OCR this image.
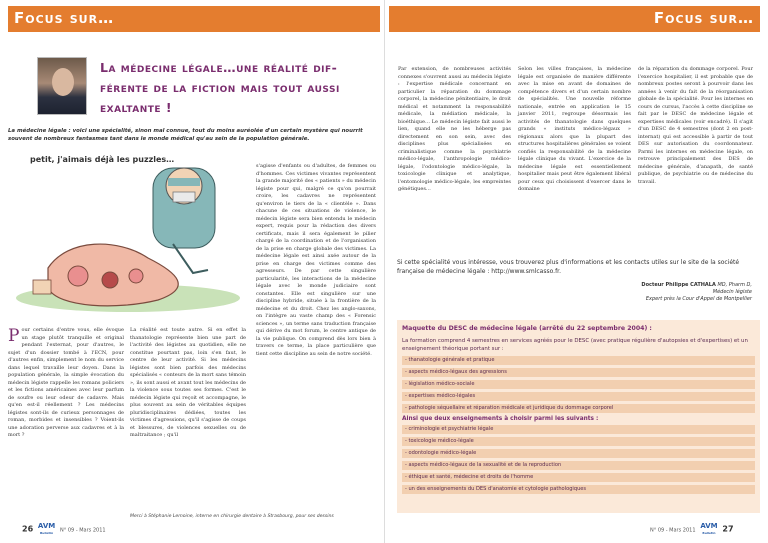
Focus sur…
La médecine légale…une réalité dif-férente de la fiction mais tout aussi exaltante !
La médecine légale : voici une spécialité, sinon mal connue, tout du moins auréolée d'un certain mystère qui nourrit souvent de nombreux fantasmes tant dans le monde médical qu'au sein de la population générale.
petit, j'aimais déjà les puzzles…
Pour certains d'entre vous, elle évoque un stage plutôt tranquille et original pendant l'externat, pour d'autres, le sujet d'un dossier tombé à l'ECN, pour d'autres enfin, simplement le nom du service dans lequel travaille leur doyen. Dans la population générale, la simple évocation du médecin légiste rappelle les romans policiers et les fictions américaines avec leur parfum de soufre ou leur odeur de cadavre. Mais qu'en est-il réellement ? Les médecins légistes sont-ils de curieux personnages de roman, morbides et insensibles ? Voient-ils une adoration perverse aux cadavres et à la mort ?
La réalité est toute autre. Si en effet la thanatologie représente bien une part de l'activité des légistes au quotidien, elle ne constitue pourtant pas, loin s'en faut, le centre de leur activité. Si les médecins légistes sont bien parfois des médecins spécialisés « conteurs de la mort sans témoin », ils sont aussi et avant tout les médecins de la violence sous toutes ses formes. C'est le médecin légiste qui reçoit et accompagne, le plus souvent au sein de véritables équipes pluridisciplinaires dédiées, toutes les victimes d'agressions, qu'il s'agisse de coups et blessures, de violences sexuelles ou de maltraitance ; qu'il
s'agisse d'enfants ou d'adultes, de femmes ou d'hommes. Ces victimes vivantes représentent la grande majorité des « patients » du médecin légiste pour qui, malgré ce qu'on pourrait croire, les cadavres ne représentent qu'environ le tiers de la « clientèle ». Dans chacune de ces situations de violence, le médecin légiste sera bien entendu le médecin expert, requis pour la rédaction des divers certificats, mais il sera également le pilier chargé de la coordination et de l'organisation de la prise en charge globale des victimes. La médecine légale est ainsi axée autour de la prise en charge des victimes comme des agresseurs. De par cette singulière particularité, les interactions de la médecine légale avec le monde judiciaire sont constantes. Elle est singulière sur une discipline hybride, située à la frontière de la médecine et du droit. Chez les anglo-saxons, on l'intègre au vaste champ des « Forensic sciences », un terme sans traduction française qui dérive du mot forum, le centre antique de la vie publique. On comprend dès lors bien à travers ce terme, la place particulière que tient cette discipline au sein de notre société.
Merci à Stéphanie Lemoine, interne en chirurgie dentaire à Strasbourg, pour ses dessins
26 AVM
Bulletin	N° 09 - Mars 2011
Focus sur…
Par extension, de nombreuses activités connexes s'ouvrent aussi au médecin légiste : l'expertise médicale concernant en particulier la réparation du dommage corporel, la médecine pénitentiaire, le droit médical et notamment la responsabilité médicale, la médiation médicale, la bioéthique… Le médecin légiste fait aussi le lien, quand elle ne les héberge pas directement en son sein, avec des disciplines plus spécialisées en criminalistique comme la psychiatrie médico-légale, l'anthropologie médico-légale, l'odontologie médico-légale, la toxicologie clinique et analytique, l'entomologie médico-légale, les empreintes génétiques…
Selon les villes françaises, la médecine légale est organisée de manière différente avec la mise en avant de domaines de compétence divers et d'un certain nombre de spécialités. Une nouvelle réforme nationale, entrée en application le 15 janvier 2011, regroupe désormais les activités de thanatologie dans quelques grands « instituts médico-légaux » régionaux alors que la plupart des structures hospitalières générales se voient confiés la responsabilité de la médecine légale clinique du vivant. L'exercice de la médecine légale est essentiellement hospitalier mais peut être également libéral pour ceux qui choisissent d'exercer dans le domaine
de la réparation du dommage corporel. Pour l'exercice hospitalier, il est probable que de nombreux postes seront à pourvoir dans les années à venir du fait de la réorganisation globale de la spécialité. Pour les internes en cours de cursus, l'accès à cette discipline se fait par le DESC de médecine légale et expertises médicales (voir encadré). Il s'agit d'un DESC de 4 semestres (dont 2 en post-internat) qui est accessible à partir de tout DES sur autorisation du coordonnateur. Parmi les internes en médecine légale, on retrouve principalement des DES de médecine générale, d'anapath, de santé publique, de psychiatrie ou de médecine du travail.
Si cette spécialité vous intéresse, vous trouverez plus d'informations et les contacts utiles sur le site de la société française de médecine légale : http://www.smlcasso.fr.
Docteur Philippe CATHALA MD, Pharm D,
Médecin légiste
Expert près la Cour d'Appel de Montpellier
Maquette du DESC de médecine légale (arrêté du 22 septembre 2004) :
La formation comprend 4 semestres en services agréés pour le DESC (avec pratique régulière d'autopsies et d'expertises) et un enseignement théorique portant sur :
- thanatologie générale et pratique
- aspects médico-légaux des agressions
- législation médico-sociale
- expertises médico-légales
- pathologie séquellaire et réparation médicale et juridique du dommage corporel
Ainsi que deux enseignements à choisir parmi les suivants :
- criminologie et psychiatrie légale
- toxicologie médico-légale
- odontologie médico-légale
- aspects médico-légaux de la sexualité et de la reproduction
- éthique et santé, médecine et droits de l'homme
- un des enseignements du DES d'anatomie et cytologie pathologiques
N° 09 - Mars 2011   AVM
Bulletin 27
